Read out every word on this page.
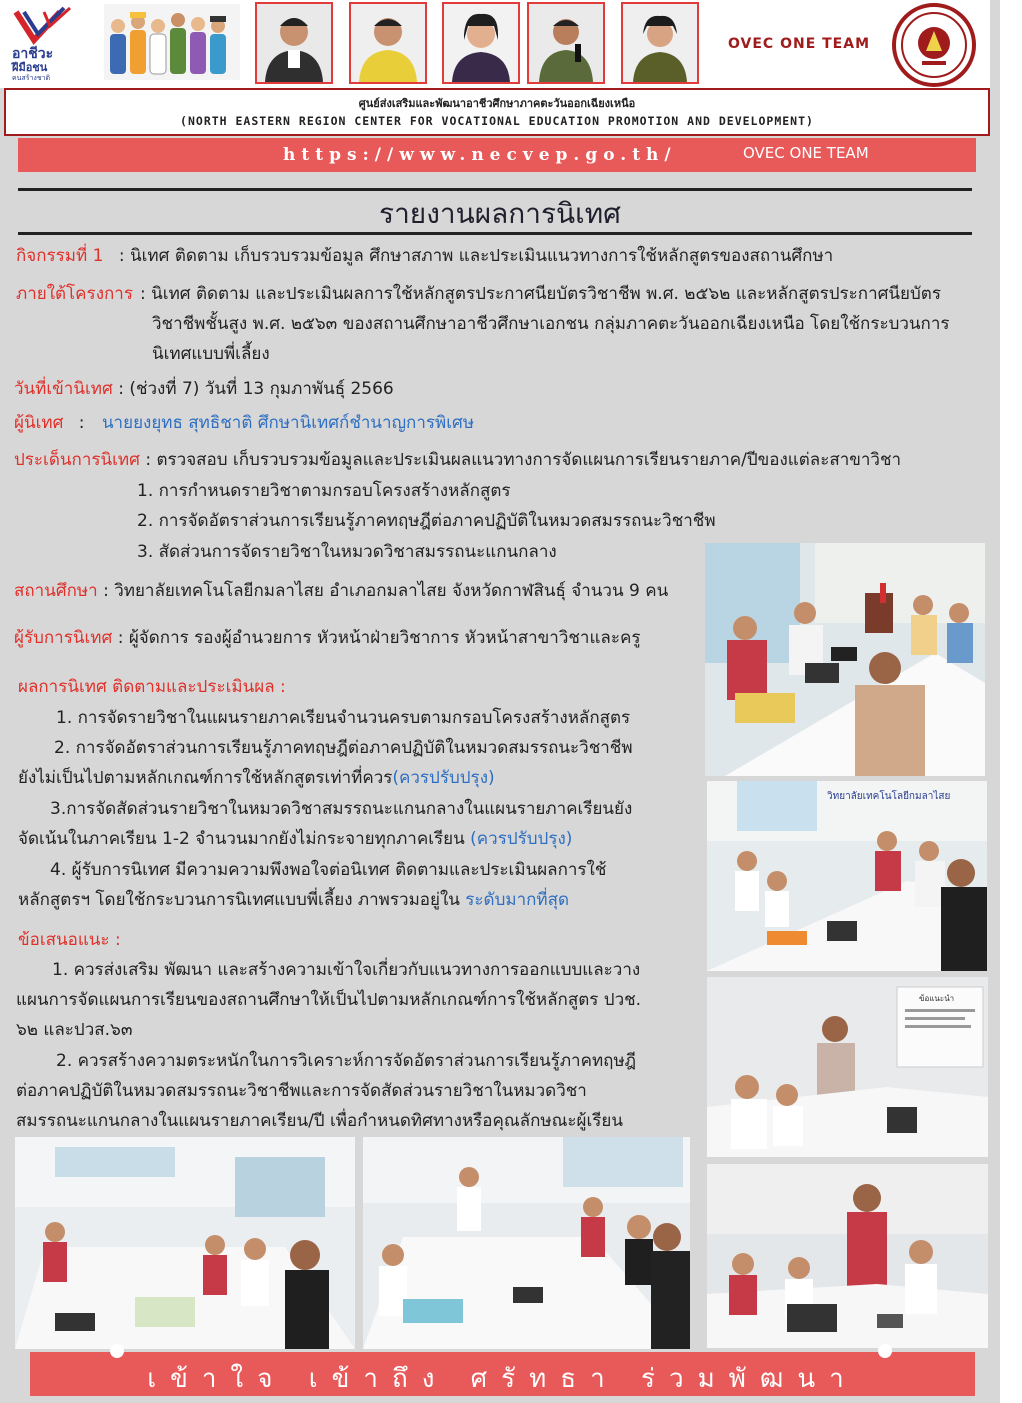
อาชีวะ
ฝีมือชน
คนสร้างชาติ
OVEC ONE TEAM
ศูนย์ส่งเสริมและพัฒนาอาชีวศึกษาภาคตะวันออกเฉียงเหนือ
(NORTH EASTERN REGION CENTER FOR VOCATIONAL EDUCATION PROMOTION AND DEVELOPMENT)
https://www.necvep.go.th/	OVEC ONE TEAM
รายงานผลการนิเทศ
กิจกรรมที่ 1 : นิเทศ ติดตาม เก็บรวบรวมข้อมูล ศึกษาสภาพ และประเมินแนวทางการใช้หลักสูตรของสถานศึกษา
ภายใต้โครงการ : นิเทศ ติดตาม และประเมินผลการใช้หลักสูตรประกาศนียบัตรวิชาชีพ พ.ศ. ๒๕๖๒ และหลักสูตรประกาศนียบัตร
วิชาชีพชั้นสูง พ.ศ. ๒๕๖๓ ของสถานศึกษาอาชีวศึกษาเอกชน กลุ่มภาคตะวันออกเฉียงเหนือ โดยใช้กระบวนการ
นิเทศแบบพี่เลี้ยง
วันที่เข้านิเทศ : (ช่วงที่ 7) วันที่ 13 กุมภาพันธุ์ 2566
ผู้นิเทศ : นายยงยุทธ สุทธิชาติ ศึกษานิเทศก์ชำนาญการพิเศษ
ประเด็นการนิเทศ : ตรวจสอบ เก็บรวบรวมข้อมูลและประเมินผลแนวทางการจัดแผนการเรียนรายภาค/ปีของแต่ละสาขาวิชา
1. การกำหนดรายวิชาตามกรอบโครงสร้างหลักสูตร
2. การจัดอัตราส่วนการเรียนรู้ภาคทฤษฎีต่อภาคปฏิบัติในหมวดสมรรถนะวิชาชีพ
3. สัดส่วนการจัดรายวิชาในหมวดวิชาสมรรถนะแกนกลาง
สถานศึกษา : วิทยาลัยเทคโนโลยีกมลาไสย อำเภอกมลาไสย จังหวัดกาฬสินธุ์ จำนวน 9 คน
ผู้รับการนิเทศ : ผู้จัดการ รองผู้อำนวยการ หัวหน้าฝ่ายวิชาการ หัวหน้าสาขาวิชาและครู
ผลการนิเทศ ติดตามและประเมินผล :
1. การจัดรายวิชาในแผนรายภาคเรียนจำนวนครบตามกรอบโครงสร้างหลักสูตร
2. การจัดอัตราส่วนการเรียนรู้ภาคทฤษฎีต่อภาคปฏิบัติในหมวดสมรรถนะวิชาชีพ
ยังไม่เป็นไปตามหลักเกณฑ์การใช้หลักสูตรเท่าที่ควร(ควรปรับปรุง)
3.การจัดสัดส่วนรายวิชาในหมวดวิชาสมรรถนะแกนกลางในแผนรายภาคเรียนยัง
จัดเน้นในภาคเรียน 1-2 จำนวนมากยังไม่กระจายทุกภาคเรียน (ควรปรับปรุง)
4. ผู้รับการนิเทศ มีความความพึงพอใจต่อนิเทศ ติดตามและประเมินผลการใช้
หลักสูตรฯ โดยใช้กระบวนการนิเทศแบบพี่เลี้ยง ภาพรวมอยู่ใน ระดับมากที่สุด
ข้อเสนอแนะ :
1. ควรส่งเสริม พัฒนา และสร้างความเข้าใจเกี่ยวกับแนวทางการออกแบบและวาง
แผนการจัดแผนการเรียนของสถานศึกษาให้เป็นไปตามหลักเกณฑ์การใช้หลักสูตร ปวช.
๖๒ และปวส.๖๓
2. ควรสร้างความตระหนักในการวิเคราะห์การจัดอัตราส่วนการเรียนรู้ภาคทฤษฎี
ต่อภาคปฏิบัติในหมวดสมรรถนะวิชาชีพและการจัดสัดส่วนรายวิชาในหมวดวิชา
สมรรถนะแกนกลางในแผนรายภาคเรียน/ปี เพื่อกำหนดทิศทางหรือคุณลักษณะผู้เรียน
วิทยาลัยเทคโนโลยีกมลาไสย
ข้อแนะนำ
เข้าใจ เข้าถึง ศรัทธา ร่วมพัฒนา
